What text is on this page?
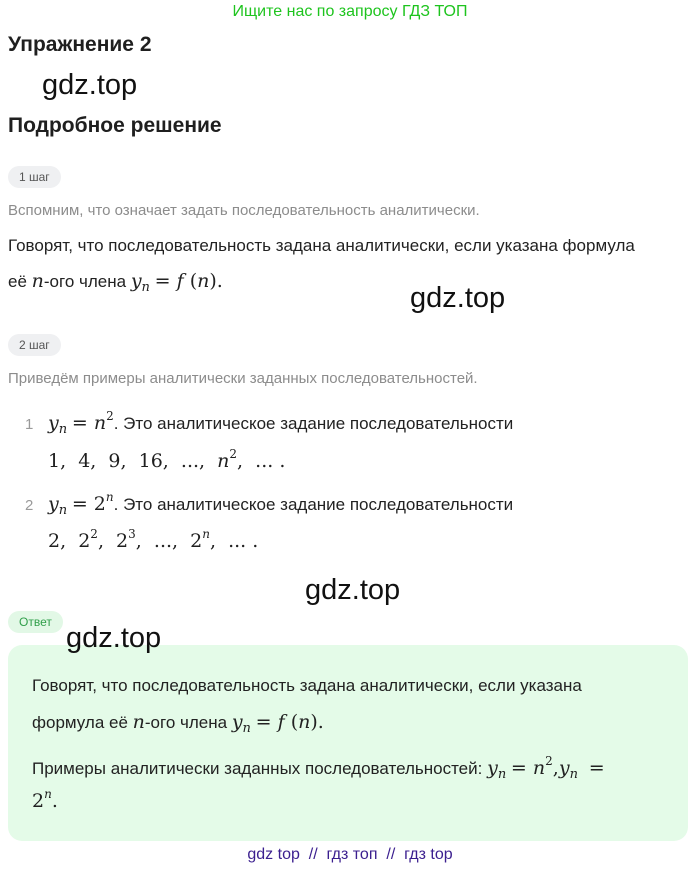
Ищите нас по запросу ГДЗ ТОП
Упражнение 2
gdz.top
Подробное решение
1 шаг
Вспомним, что означает задать последовательность аналитически.
Говорят, что последовательность задана аналитически, если указана формула
её n-ого члена $y_n = f$ (n).
gdz.top
2 шаг
Приведём примеры аналитически заданных последовательностей.
1 $y_n = n^2$. Это аналитическое задание последовательности
1,  4,  9,  16,  ...,  $n^2$,  ... .
2 $y_n = 2^n$. Это аналитическое задание последовательности
2,  $2^2$,  $2^3$,  ...,  2$^n$,  ... .
gdz.top
Ответ gdz.top
Говорят, что последовательность задана аналитически, если указана
формула её n-ого члена $y_n = f$ (n).
Примеры аналитически заданных последовательностей: $y_n = n^2,y_n$  =
$2^n$.
gdz top  //  гдз топ  //  гдз top
